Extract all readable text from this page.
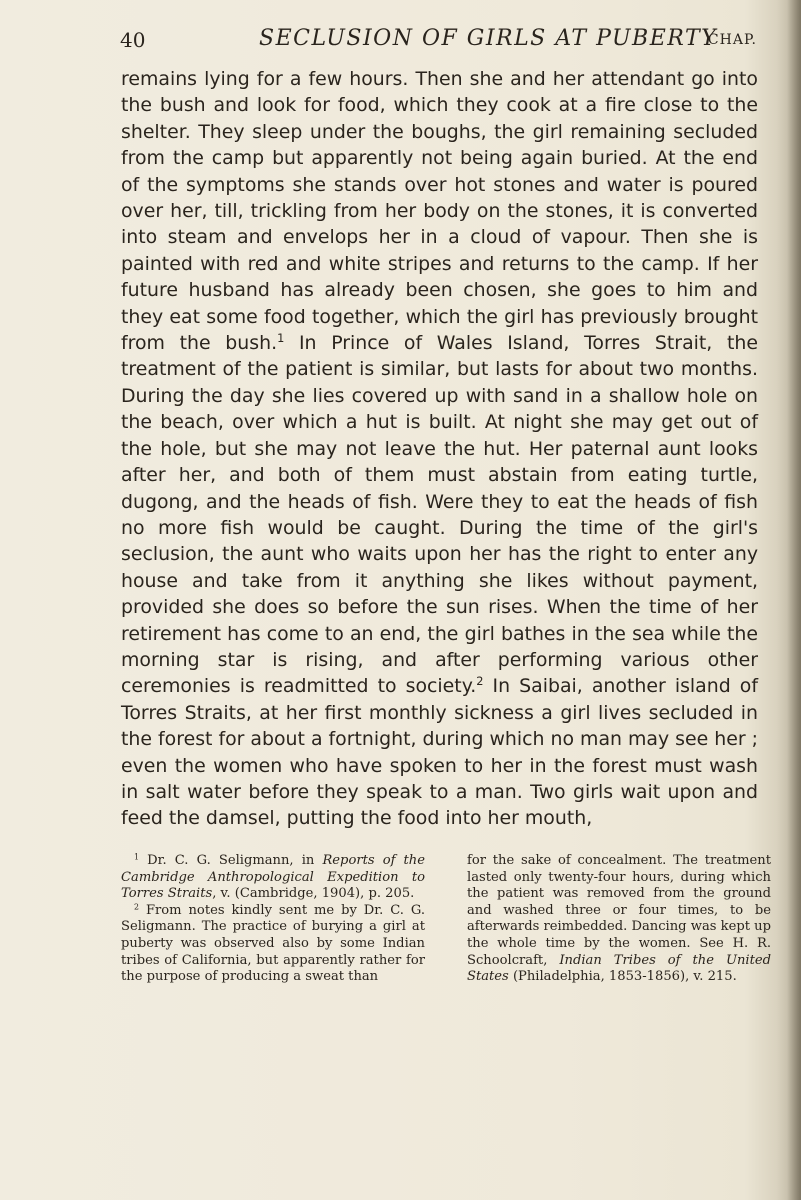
40	SECLUSION OF GIRLS AT PUBERTY
CHAP.

remains lying for a few hours. Then she and her attendant go into the bush and look for food, which they cook at a fire close to the shelter. They sleep under the boughs, the girl remaining secluded from the camp but apparently not being again buried. At the end of the symptoms she stands over hot stones and water is poured over her, till, trickling from her body on the stones, it is converted into steam and envelops her in a cloud of vapour. Then she is painted with red and white stripes and returns to the camp. If her future husband has already been chosen, she goes to him and they eat some food together, which the girl has previously brought from the bush.$^1$ In Prince of Wales Island, Torres Strait, the treatment of the patient is similar, but lasts for about two months. During the day she lies covered up with sand in a shallow hole on the beach, over which a hut is built. At night she may get out of the hole, but she may not leave the hut. Her paternal aunt looks after her, and both of them must abstain from eating turtle, dugong, and the heads of fish. Were they to eat the heads of fish no more fish would be caught. During the time of the girl's seclusion, the aunt who waits upon her has the right to enter any house and take from it anything she likes without payment, provided she does so before the sun rises. When the time of her retirement has come to an end, the girl bathes in the sea while the morning star is rising, and after performing various other ceremonies is readmitted to society.$^2$ In Saibai, another island of Torres Straits, at her first monthly sickness a girl lives secluded in the forest for about a fortnight, during which no man may see her ; even the women who have spoken to her in the forest must wash in salt water before they speak to a man. Two girls wait upon and feed the damsel, putting the food into her mouth,

$^1$ Dr. C. G. Seligmann, in Reports of the Cambridge Anthropological Expedition to Torres Straits, v. (Cambridge, 1904), p. 205.

$^2$ From notes kindly sent me by Dr. C. G. Seligmann. The practice of burying a girl at puberty was observed also by some Indian tribes of California, but apparently rather for the purpose of producing a sweat than

for the sake of concealment. The treatment lasted only twenty-four hours, during which the patient was removed from the ground and washed three or four times, to be afterwards reimbedded. Dancing was kept up the whole time by the women. See H. R. Schoolcraft, Indian Tribes of the United States (Philadelphia, 1853-1856), v. 215.
